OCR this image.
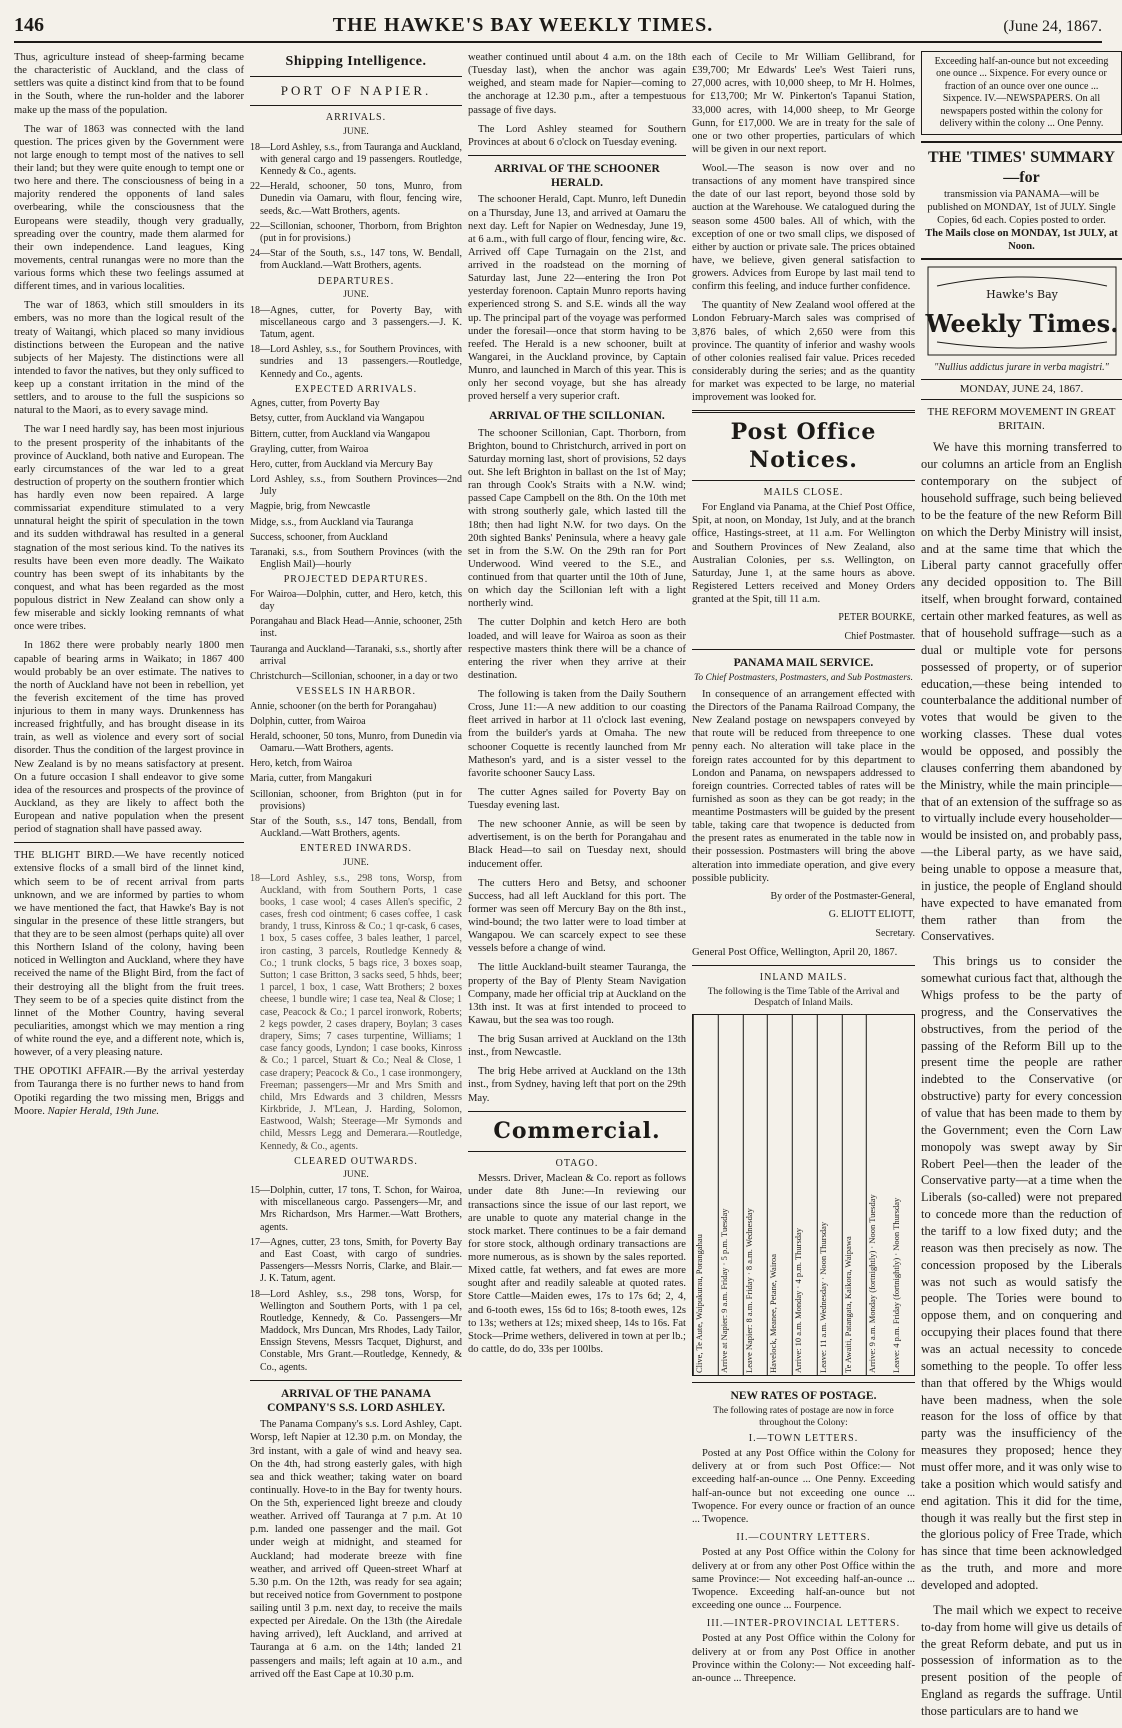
146	THE HAWKE'S BAY WEEKLY TIMES.	(June 24, 1867.

Thus, agriculture instead of sheep-farming became the characteristic of Auckland, and the class of settlers was quite a distinct kind from that to be found in the South, where the run-holder and the laborer make up the mass of the population.

The war of 1863 was connected with the land question. The prices given by the Government were not large enough to tempt most of the natives to sell their land; but they were quite enough to tempt one or two here and there. The consciousness of being in a majority rendered the opponents of land sales overbearing, while the consciousness that the Europeans were steadily, though very gradually, spreading over the country, made them alarmed for their own independence. Land leagues, King movements, central runangas were no more than the various forms which these two feelings assumed at different times, and in various localities.

The war of 1863, which still smoulders in its embers, was no more than the logical result of the treaty of Waitangi, which placed so many invidious distinctions between the European and the native subjects of her Majesty. The distinctions were all intended to favor the natives, but they only sufficed to keep up a constant irritation in the mind of the settlers, and to arouse to the full the suspicions so natural to the Maori, as to every savage mind.

The war I need hardly say, has been most injurious to the present prosperity of the inhabitants of the province of Auckland, both native and European. The early circumstances of the war led to a great destruction of property on the southern frontier which has hardly even now been repaired. A large commissariat expenditure stimulated to a very unnatural height the spirit of speculation in the town and its sudden withdrawal has resulted in a general stagnation of the most serious kind. To the natives its results have been even more deadly. The Waikato country has been swept of its inhabitants by the conquest, and what has been regarded as the most populous district in New Zealand can show only a few miserable and sickly looking remnants of what once were tribes.

In 1862 there were probably nearly 1800 men capable of bearing arms in Waikato; in 1867 400 would probably be an over estimate. The natives to the north of Auckland have not been in rebellion, yet the feverish excitement of the time has proved injurious to them in many ways. Drunkenness has increased frightfully, and has brought disease in its train, as well as violence and every sort of social disorder. Thus the condition of the largest province in New Zealand is by no means satisfactory at present. On a future occasion I shall endeavor to give some idea of the resources and prospects of the province of Auckland, as they are likely to affect both the European and native population when the present period of stagnation shall have passed away.

THE BLIGHT BIRD.—We have recently noticed extensive flocks of a small bird of the linnet kind, which seem to be of recent arrival from parts unknown, and we are informed by parties to whom we have mentioned the fact, that Hawke's Bay is not singular in the presence of these little strangers, but that they are to be seen almost (perhaps quite) all over this Northern Island of the colony, having been noticed in Wellington and Auckland, where they have received the name of the Blight Bird, from the fact of their destroying all the blight from the fruit trees. They seem to be of a species quite distinct from the linnet of the Mother Country, having several peculiarities, amongst which we may mention a ring of white round the eye, and a different note, which is, however, of a very pleasing nature.

THE OPOTIKI AFFAIR.—By the arrival yesterday from Tauranga there is no further news to hand from Opotiki regarding the two missing men, Briggs and Moore. Napier Herald, 19th June.

Shipping Intelligence.
PORT OF NAPIER.
ARRIVALS.
JUNE.
18—Lord Ashley, s.s., from Tauranga and Auckland, with general cargo and 19 passengers. Routledge, Kennedy & Co., agents.
22—Herald, schooner, 50 tons, Munro, from Dunedin via Oamaru, with flour, fencing wire, seeds, &c.—Watt Brothers, agents.
22—Scillonian, schooner, Thorborn, from Brighton (put in for provisions.)
24—Star of the South, s.s., 147 tons, W. Bendall, from Auckland.—Watt Brothers, agents.
DEPARTURES.
JUNE.
18—Agnes, cutter, for Poverty Bay, with miscellaneous cargo and 3 passengers.—J. K. Tatum, agent.
18—Lord Ashley, s.s., for Southern Provinces, with sundries and 13 passengers.—Routledge, Kennedy and Co., agents.
EXPECTED ARRIVALS.
Agnes, cutter, from Poverty Bay
Betsy, cutter, from Auckland via Wangapou
Bittern, cutter, from Auckland via Wangapou
Grayling, cutter, from Wairoa
Hero, cutter, from Auckland via Mercury Bay
Lord Ashley, s.s., from Southern Provinces—2nd July
Magpie, brig, from Newcastle
Midge, s.s., from Auckland via Tauranga
Success, schooner, from Auckland
Taranaki, s.s., from Southern Provinces (with the English Mail)—hourly
PROJECTED DEPARTURES.
For Wairoa—Dolphin, cutter, and Hero, ketch, this day
Porangahau and Black Head—Annie, schooner, 25th inst.
Tauranga and Auckland—Taranaki, s.s., shortly after arrival
Christchurch—Scillonian, schooner, in a day or two
VESSELS IN HARBOR.
Annie, schooner (on the berth for Porangahau)
Dolphin, cutter, from Wairoa
Herald, schooner, 50 tons, Munro, from Dunedin via Oamaru.—Watt Brothers, agents.
Hero, ketch, from Wairoa
Maria, cutter, from Mangakuri
Scillonian, schooner, from Brighton (put in for provisions)
Star of the South, s.s., 147 tons, Bendall, from Auckland.—Watt Brothers, agents.
ENTERED INWARDS.
JUNE.
18—Lord Ashley, s.s., 298 tons, Worsp, from Auckland, with from Southern Ports, 1 case books, 1 case wool; 4 cases Allen's specific, 2 cases, fresh cod ointment; 6 cases coffee, 1 cask brandy, 1 truss, Kinross & Co.; 1 qr-cask, 6 cases, 1 box, 5 cases coffee, 3 bales leather, 1 parcel, iron casting, 3 parcels, Routledge Kennedy & Co.; 1 trunk clocks, 5 bags rice, 3 boxes soap, Sutton; 1 case Britton, 3 sacks seed, 5 hhds, beer; 1 parcel, 1 box, 1 case, Watt Brothers; 2 boxes cheese, 1 bundle wire; 1 case tea, Neal & Close; 1 case, Peacock & Co.; 1 parcel ironwork, Roberts; 2 kegs powder, 2 cases drapery, Boylan; 3 cases drapery, Sims; 7 cases turpentine, Williams; 1 case fancy goods, Lyndon; 1 case books, Kinross & Co.; 1 parcel, Stuart & Co.; Neal & Close, 1 case drapery; Peacock & Co., 1 case ironmongery, Freeman; passengers—Mr and Mrs Smith and child, Mrs Edwards and 3 children, Messrs Kirkbride, J. M'Lean, J. Harding, Solomon, Eastwood, Walsh; Steerage—Mr Symonds and child, Messrs Legg and Demerara.—Routledge, Kennedy, & Co., agents.
CLEARED OUTWARDS.
JUNE.
15—Dolphin, cutter, 17 tons, T. Schon, for Wairoa, with miscellaneous cargo. Passengers—Mr, and Mrs Richardson, Mrs Harmer.—Watt Brothers, agents.
17—Agnes, cutter, 23 tons, Smith, for Poverty Bay and East Coast, with cargo of sundries. Passengers—Messrs Norris, Clarke, and Blair.—J. K. Tatum, agent.
18—Lord Ashley, s.s., 298 tons, Worsp, for Wellington and Southern Ports, with 1 pa cel, Routledge, Kennedy, & Co. Passengers—Mr Maddock, Mrs Duncan, Mrs Rhodes, Lady Tailor, Enssign Stevens, Messrs Tacquet, Dighurst, and Constable, Mrs Grant.—Routledge, Kennedy, & Co., agents.
ARRIVAL OF THE PANAMA COMPANY'S S.S. LORD ASHLEY.

The Panama Company's s.s. Lord Ashley, Capt. Worsp, left Napier at 12.30 p.m. on Monday, the 3rd instant, with a gale of wind and heavy sea. On the 4th, had strong easterly gales, with high sea and thick weather; taking water on board continually. Hove-to in the Bay for twenty hours. On the 5th, experienced light breeze and cloudy weather. Arrived off Tauranga at 7 p.m. At 10 p.m. landed one passenger and the mail. Got under weigh at midnight, and steamed for Auckland; had moderate breeze with fine weather, and arrived off Queen-street Wharf at 5.30 p.m. On the 12th, was ready for sea again; but received notice from Government to postpone sailing until 3 p.m. next day, to receive the mails expected per Airedale. On the 13th (the Airedale having arrived), left Auckland, and arrived at Tauranga at 6 a.m. on the 14th; landed 21 passengers and mails; left again at 10 a.m., and arrived off the East Cape at 10.30 p.m.

weather continued until about 4 a.m. on the 18th (Tuesday last), when the anchor was again weighed, and steam made for Napier—coming to the anchorage at 12.30 p.m., after a tempestuous passage of five days.

The Lord Ashley steamed for Southern Provinces at about 6 o'clock on Tuesday evening.

ARRIVAL OF THE SCHOONER HERALD.

The schooner Herald, Capt. Munro, left Dunedin on a Thursday, June 13, and arrived at Oamaru the next day. Left for Napier on Wednesday, June 19, at 6 a.m., with full cargo of flour, fencing wire, &c. Arrived off Cape Turnagain on the 21st, and arrived in the roadstead on the morning of Saturday last, June 22—entering the Iron Pot yesterday forenoon. Captain Munro reports having experienced strong S. and S.E. winds all the way up. The principal part of the voyage was performed under the foresail—once that storm having to be reefed. The Herald is a new schooner, built at Wangarei, in the Auckland province, by Captain Munro, and launched in March of this year. This is only her second voyage, but she has already proved herself a very superior craft.

ARRIVAL OF THE SCILLONIAN.

The schooner Scillonian, Capt. Thorborn, from Brighton, bound to Christchurch, arrived in port on Saturday morning last, short of provisions, 52 days out. She left Brighton in ballast on the 1st of May; ran through Cook's Straits with a N.W. wind; passed Cape Campbell on the 8th. On the 10th met with strong southerly gale, which lasted till the 18th; then had light N.W. for two days. On the 20th sighted Banks' Peninsula, where a heavy gale set in from the S.W. On the 29th ran for Port Underwood. Wind veered to the S.E., and continued from that quarter until the 10th of June, on which day the Scillonian left with a light northerly wind.

The cutter Dolphin and ketch Hero are both loaded, and will leave for Wairoa as soon as their respective masters think there will be a chance of entering the river when they arrive at their destination.

The following is taken from the Daily Southern Cross, June 11:—A new addition to our coasting fleet arrived in harbor at 11 o'clock last evening, from the builder's yards at Omaha. The new schooner Coquette is recently launched from Mr Matheson's yard, and is a sister vessel to the favorite schooner Saucy Lass.

The cutter Agnes sailed for Poverty Bay on Tuesday evening last.

The new schooner Annie, as will be seen by advertisement, is on the berth for Porangahau and Black Head—to sail on Tuesday next, should inducement offer.

The cutters Hero and Betsy, and schooner Success, had all left Auckland for this port. The former was seen off Mercury Bay on the 8th inst., wind-bound; the two latter were to load timber at Wangapou. We can scarcely expect to see these vessels before a change of wind.

The little Auckland-built steamer Tauranga, the property of the Bay of Plenty Steam Navigation Company, made her official trip at Auckland on the 13th inst. It was at first intended to proceed to Kawau, but the sea was too rough.

The brig Susan arrived at Auckland on the 13th inst., from Newcastle.

The brig Hebe arrived at Auckland on the 13th inst., from Sydney, having left that port on the 29th May.

Commercial.
OTAGO.

Messrs. Driver, Maclean & Co. report as follows under date 8th June:—In reviewing our transactions since the issue of our last report, we are unable to quote any material change in the stock market. There continues to be a fair demand for store stock, although ordinary transactions are more numerous, as is shown by the sales reported. Mixed cattle, fat wethers, and fat ewes are more sought after and readily saleable at quoted rates. Store Cattle—Maiden ewes, 17s to 17s 6d; 2, 4, and 6-tooth ewes, 15s 6d to 16s; 8-tooth ewes, 12s to 13s; wethers at 12s; mixed sheep, 14s to 16s. Fat Stock—Prime wethers, delivered in town at per lb.; do cattle, do do, 33s per 100lbs.

each of Cecile to Mr William Gellibrand, for £39,700; Mr Edwards' Lee's West Taieri runs, 27,000 acres, with 10,000 sheep, to Mr H. Holmes, for £13,700; Mr W. Pinkerton's Tapanui Station, 33,000 acres, with 14,000 sheep, to Mr George Gunn, for £17,000. We are in treaty for the sale of one or two other properties, particulars of which will be given in our next report.

Wool.—The season is now over and no transactions of any moment have transpired since the date of our last report, beyond those sold by auction at the Warehouse. We catalogued during the season some 4500 bales. All of which, with the exception of one or two small clips, we disposed of either by auction or private sale. The prices obtained have, we believe, given general satisfaction to growers. Advices from Europe by last mail tend to confirm this feeling, and induce further confidence.

The quantity of New Zealand wool offered at the London February-March sales was comprised of 3,876 bales, of which 2,650 were from this province. The quantity of inferior and washy wools of other colonies realised fair value. Prices receded considerably during the series; and as the quantity for market was expected to be large, no material improvement was looked for.

Post Office Notices.
MAILS CLOSE.

For England via Panama, at the Chief Post Office, Spit, at noon, on Monday, 1st July, and at the branch office, Hastings-street, at 11 a.m. For Wellington and Southern Provinces of New Zealand, also Australian Colonies, per s.s. Wellington, on Saturday, June 1, at the same hours as above. Registered Letters received and Money Orders granted at the Spit, till 11 a.m.

PETER BOURKE,
Chief Postmaster.
PANAMA MAIL SERVICE.
To Chief Postmasters, Postmasters, and Sub Postmasters.

In consequence of an arrangement effected with the Directors of the Panama Railroad Company, the New Zealand postage on newspapers conveyed by that route will be reduced from threepence to one penny each. No alteration will take place in the foreign rates accounted for by this department to London and Panama, on newspapers addressed to foreign countries. Corrected tables of rates will be furnished as soon as they can be got ready; in the meantime Postmasters will be guided by the present table, taking care that twopence is deducted from the present rates as enumerated in the table now in their possession. Postmasters will bring the above alteration into immediate operation, and give every possible publicity.

By order of the Postmaster-General,
G. ELIOTT ELIOTT,
Secretary.

General Post Office, Wellington, April 20, 1867.

INLAND MAILS.
The following is the Time Table of the Arrival and Despatch of Inland Mails.
Clive, Te Aute, Waipukurau, Porangahau	Arrive at Napier: 9 a.m. Friday · 5 p.m. Tuesday	Leave Napier: 8 a.m. Friday · 8 a.m. Wednesday	Havelock, Meanee, Petane, Wairoa	Arrive: 10 a.m. Monday · 4 p.m. Thursday	Leave: 11 a.m. Wednesday · Noon Thursday	Te Awaiti, Patangata, Kaikora, Waipawa	Arrive: 9 a.m. Monday (fortnightly) · Noon Tuesday	Leave: 4 p.m. Friday (fortnightly) · Noon Thursday
NEW RATES OF POSTAGE.
The following rates of postage are now in force throughout the Colony:
I.—TOWN LETTERS.

Posted at any Post Office within the Colony for delivery at or from such Post Office:— Not exceeding half-an-ounce ... One Penny. Exceeding half-an-ounce but not exceeding one ounce ... Twopence. For every ounce or fraction of an ounce ... Twopence.

II.—COUNTRY LETTERS.

Posted at any Post Office within the Colony for delivery at or from any other Post Office within the same Province:— Not exceeding half-an-ounce ... Twopence. Exceeding half-an-ounce but not exceeding one ounce ... Fourpence.

III.—INTER-PROVINCIAL LETTERS.

Posted at any Post Office within the Colony for delivery at or from any Post Office in another Province within the Colony:— Not exceeding half-an-ounce ... Threepence.

Exceeding half-an-ounce but not exceeding one ounce ... Sixpence. For every ounce or fraction of an ounce over one ounce ... Sixpence. IV.—NEWSPAPERS. On all newspapers posted within the colony for delivery within the colony ... One Penny.
THE 'TIMES' SUMMARY—for
transmission via PANAMA—will be published on MONDAY, 1st of JULY. Single Copies, 6d each. Copies posted to order.
The Mails close on MONDAY, 1st JULY, at Noon.
Hawke's Bay
Weekly Times.
"Nullius addictus jurare in verba magistri."
MONDAY, JUNE 24, 1867.
THE REFORM MOVEMENT IN GREAT BRITAIN.

We have this morning transferred to our columns an article from an English contemporary on the subject of household suffrage, such being believed to be the feature of the new Reform Bill on which the Derby Ministry will insist, and at the same time that which the Liberal party cannot gracefully offer any decided opposition to. The Bill itself, when brought forward, contained certain other marked features, as well as that of household suffrage—such as a dual or multiple vote for persons possessed of property, or of superior education,—these being intended to counterbalance the additional number of votes that would be given to the working classes. These dual votes would be opposed, and possibly the clauses conferring them abandoned by the Ministry, while the main principle—that of an extension of the suffrage so as to virtually include every householder—would be insisted on, and probably pass,—the Liberal party, as we have said, being unable to oppose a measure that, in justice, the people of England should have expected to have emanated from them rather than from the Conservatives.

This brings us to consider the somewhat curious fact that, although the Whigs profess to be the party of progress, and the Conservatives the obstructives, from the period of the passing of the Reform Bill up to the present time the people are rather indebted to the Conservative (or obstructive) party for every concession of value that has been made to them by the Government; even the Corn Law monopoly was swept away by Sir Robert Peel—then the leader of the Conservative party—at a time when the Liberals (so-called) were not prepared to concede more than the reduction of the tariff to a low fixed duty; and the reason was then precisely as now. The concession proposed by the Liberals was not such as would satisfy the people. The Tories were bound to oppose them, and on conquering and occupying their places found that there was an actual necessity to concede something to the people. To offer less than that offered by the Whigs would have been madness, when the sole reason for the loss of office by that party was the insufficiency of the measures they proposed; hence they must offer more, and it was only wise to take a position which would satisfy and end agitation. This it did for the time, though it was really but the first step in the glorious policy of Free Trade, which has since that time been acknowledged as the truth, and more and more developed and adopted.

The mail which we expect to receive to-day from home will give us details of the great Reform debate, and put us in possession of information as to the present position of the people of England as regards the suffrage. Until those particulars are to hand we
